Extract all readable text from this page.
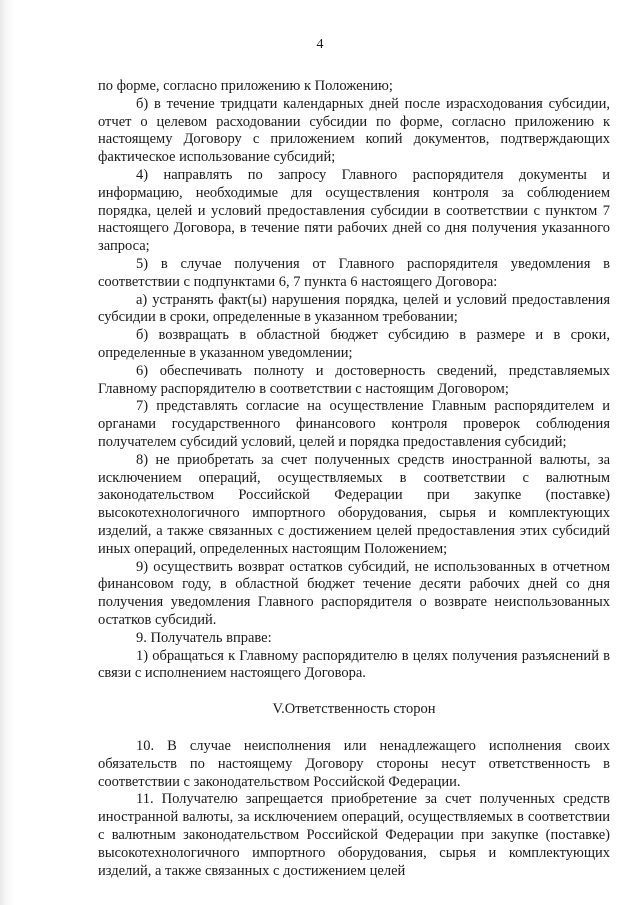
4

по форме, согласно приложению к Положению;

б) в течение тридцати календарных дней после израсходования субсидии, отчет о целевом расходовании субсидии по форме, согласно приложению к настоящему Договору с приложением копий документов, подтверждающих фактическое использование субсидий;

4) направлять по запросу Главного распорядителя документы и информацию, необходимые для осуществления контроля за соблюдением порядка, целей и условий предоставления субсидии в соответствии с пунктом 7 настоящего Договора, в течение пяти рабочих дней со дня получения указанного запроса;

5) в случае получения от Главного распорядителя уведомления в соответствии с подпунктами 6, 7 пункта 6 настоящего Договора:

а) устранять факт(ы) нарушения порядка, целей и условий предоставления субсидии в сроки, определенные в указанном требовании;

б) возвращать в областной бюджет субсидию в размере и в сроки, определенные в указанном уведомлении;

6) обеспечивать полноту и достоверность сведений, представляемых Главному распорядителю в соответствии с настоящим Договором;

7) представлять согласие на осуществление Главным распорядителем и органами государственного финансового контроля проверок соблюдения получателем субсидий условий, целей и порядка предоставления субсидий;

8) не приобретать за счет полученных средств иностранной валюты, за исключением операций, осуществляемых в соответствии с валютным законодательством Российской Федерации при закупке (поставке) высокотехнологичного импортного оборудования, сырья и комплектующих изделий, а также связанных с достижением целей предоставления этих субсидий иных операций, определенных настоящим Положением;

9) осуществить возврат остатков субсидий, не использованных в отчетном финансовом году, в областной бюджет течение десяти рабочих дней со дня получения уведомления Главного распорядителя о возврате неиспользованных остатков субсидий.

9. Получатель вправе:

1) обращаться к Главному распорядителю в целях получения разъяснений в связи с исполнением настоящего Договора.

V.Ответственность сторон

10. В случае неисполнения или ненадлежащего исполнения своих обязательств по настоящему Договору стороны несут ответственность в соответствии с законодательством Российской Федерации.

11. Получателю запрещается приобретение за счет полученных средств иностранной валюты, за исключением операций, осуществляемых в соответствии с валютным законодательством Российской Федерации при закупке (поставке) высокотехнологичного импортного оборудования, сырья и комплектующих изделий, а также связанных с достижением целей
